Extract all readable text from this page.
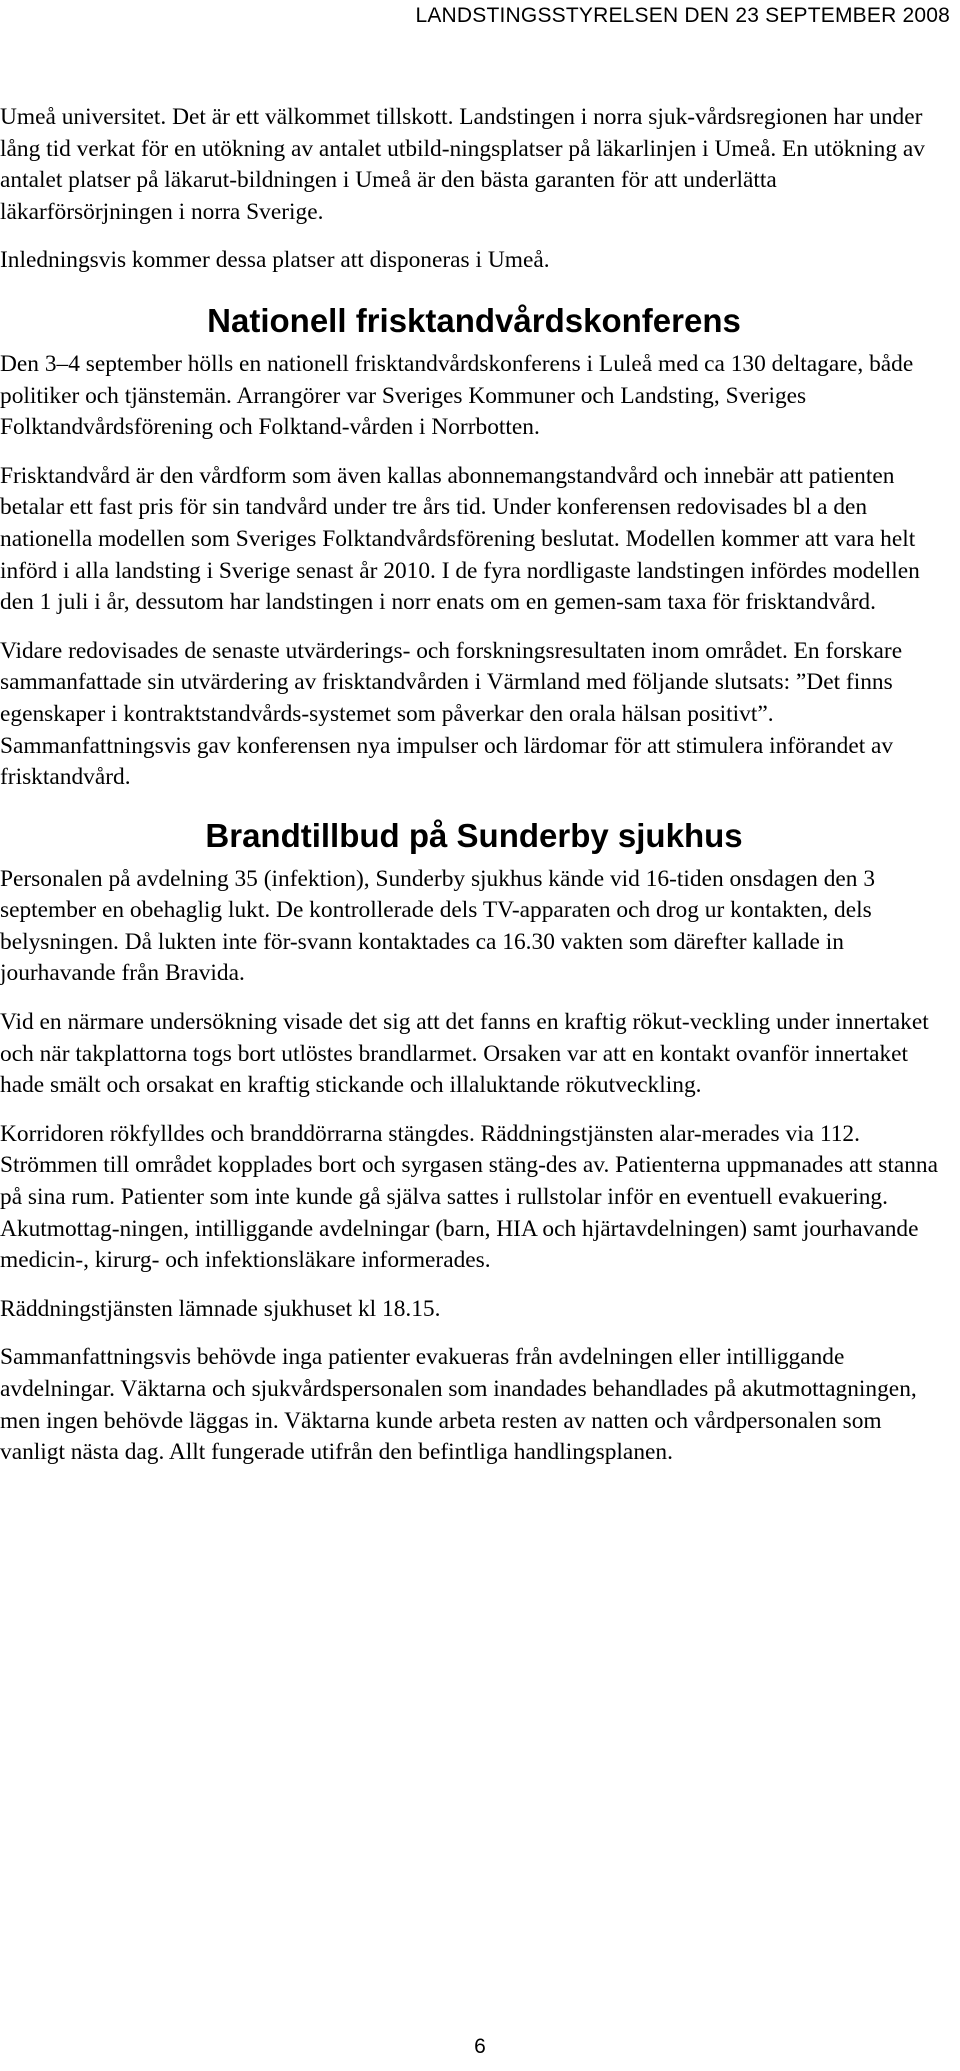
LANDSTINGSSTYRELSEN DEN 23 SEPTEMBER 2008

Umeå universitet. Det är ett välkommet tillskott. Landstingen i norra sjuk-vårdsregionen har under lång tid verkat för en utökning av antalet utbild-ningsplatser på läkarlinjen i Umeå. En utökning av antalet platser på läkarut-bildningen i Umeå är den bästa garanten för att underlätta läkarförsörjningen i norra Sverige.

Inledningsvis kommer dessa platser att disponeras i Umeå.

Nationell frisktandvårdskonferens

Den 3–4 september hölls en nationell frisktandvårdskonferens i Luleå med ca 130 deltagare, både politiker och tjänstemän. Arrangörer var Sveriges Kommuner och Landsting, Sveriges Folktandvårdsförening och Folktand-vården i Norrbotten.

Frisktandvård är den vårdform som även kallas abonnemangstandvård och innebär att patienten betalar ett fast pris för sin tandvård under tre års tid. Under konferensen redovisades bl a den nationella modellen som Sveriges Folktandvårdsförening beslutat. Modellen kommer att vara helt införd i alla landsting i Sverige senast år 2010. I de fyra nordligaste landstingen infördes modellen den 1 juli i år, dessutom har landstingen i norr enats om en gemen-sam taxa för frisktandvård.

Vidare redovisades de senaste utvärderings- och forskningsresultaten inom området. En forskare sammanfattade sin utvärdering av frisktandvården i Värmland med följande slutsats: ”Det finns egenskaper i kontraktstandvårds-systemet som påverkar den orala hälsan positivt”. Sammanfattningsvis gav konferensen nya impulser och lärdomar för att stimulera införandet av frisktandvård.

Brandtillbud på Sunderby sjukhus

Personalen på avdelning 35 (infektion), Sunderby sjukhus kände vid 16-tiden onsdagen den 3 september en obehaglig lukt. De kontrollerade dels TV-apparaten och drog ur kontakten, dels belysningen. Då lukten inte för-svann kontaktades ca 16.30 vakten som därefter kallade in jourhavande från Bravida.

Vid en närmare undersökning visade det sig att det fanns en kraftig rökut-veckling under innertaket och när takplattorna togs bort utlöstes brandlarmet. Orsaken var att en kontakt ovanför innertaket hade smält och orsakat en kraftig stickande och illaluktande rökutveckling.

Korridoren rökfylldes och branddörrarna stängdes. Räddningstjänsten alar-merades via 112. Strömmen till området kopplades bort och syrgasen stäng-des av. Patienterna uppmanades att stanna på sina rum. Patienter som inte kunde gå själva sattes i rullstolar inför en eventuell evakuering. Akutmottag-ningen, intilliggande avdelningar (barn, HIA och hjärtavdelningen) samt jourhavande medicin-, kirurg- och infektionsläkare informerades.

Räddningstjänsten lämnade sjukhuset kl 18.15.

Sammanfattningsvis behövde inga patienter evakueras från avdelningen eller intilliggande avdelningar. Väktarna och sjukvårdspersonalen som inandades behandlades på akutmottagningen, men ingen behövde läggas in. Väktarna kunde arbeta resten av natten och vårdpersonalen som vanligt nästa dag. Allt fungerade utifrån den befintliga handlingsplanen.

6
